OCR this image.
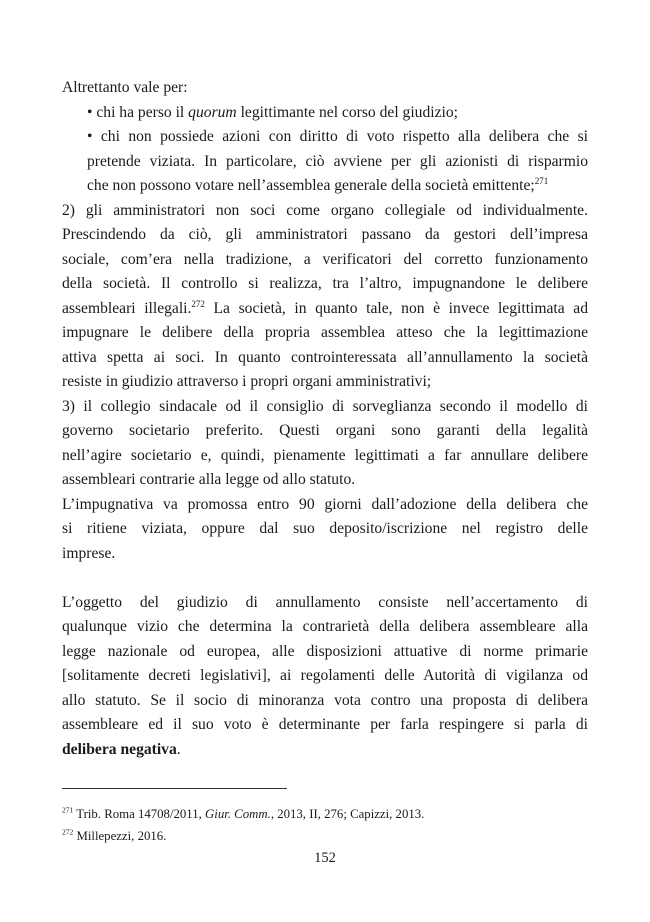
Altrettanto vale per:
• chi ha perso il quorum legittimante nel corso del giudizio;
• chi non possiede azioni con diritto di voto rispetto alla delibera che si
pretende viziata. In particolare, ciò avviene per gli azionisti di risparmio
che non possono votare nell’assemblea generale della società emittente;$^{271}$
2) gli amministratori non soci come organo collegiale od individualmente.
Prescindendo da ciò, gli amministratori passano da gestori dell’impresa
sociale, com’era nella tradizione, a verificatori del corretto funzionamento
della società. Il controllo si realizza, tra l’altro, impugnandone le delibere
assembleari illegali.$^{272}$ La società, in quanto tale, non è invece legittimata ad
impugnare le delibere della propria assemblea atteso che la legittimazione
attiva spetta ai soci. In quanto controinteressata all’annullamento la società
resiste in giudizio attraverso i propri organi amministrativi;
3) il collegio sindacale od il consiglio di sorveglianza secondo il modello di
governo societario preferito. Questi organi sono garanti della legalità
nell’agire societario e, quindi, pienamente legittimati a far annullare delibere
assembleari contrarie alla legge od allo statuto.
L’impugnativa va promossa entro 90 giorni dall’adozione della delibera che
si ritiene viziata, oppure dal suo deposito/iscrizione nel registro delle
imprese.
L’oggetto del giudizio di annullamento consiste nell’accertamento di
qualunque vizio che determina la contrarietà della delibera assembleare alla
legge nazionale od europea, alle disposizioni attuative di norme primarie
[solitamente decreti legislativi], ai regolamenti delle Autorità di vigilanza od
allo statuto. Se il socio di minoranza vota contro una proposta di delibera
assembleare ed il suo voto è determinante per farla respingere si parla di
delibera negativa.
$^{271}$ Trib. Roma 14708/2011, Giur. Comm., 2013, II, 276; Capizzi, 2013.
$^{272}$ Millepezzi, 2016.
152
